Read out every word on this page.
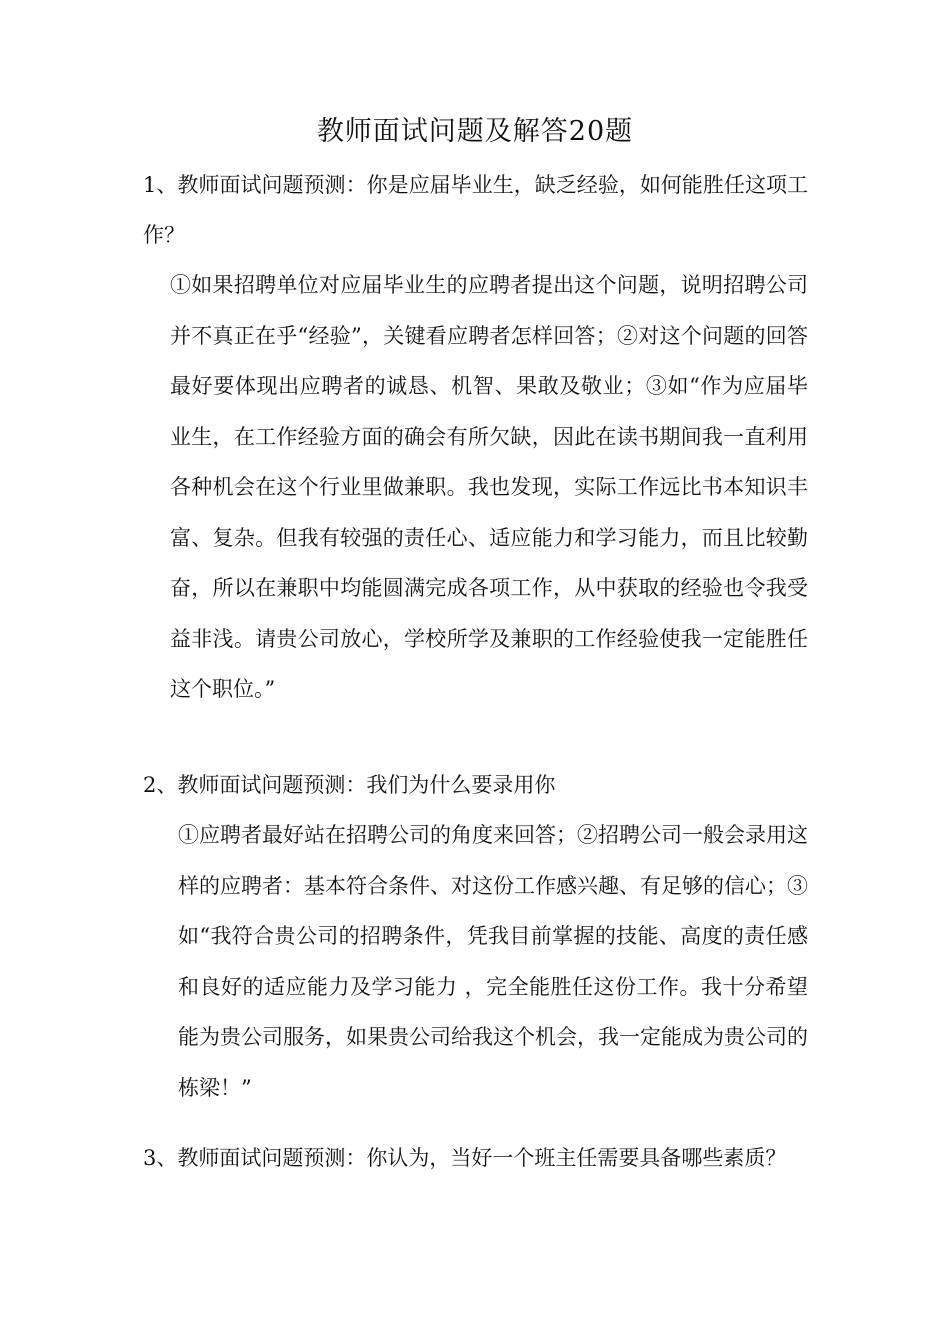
教师面试问题及解答20题
1、教师面试问题预测：你是应届毕业生，缺乏经验，如何能胜任这项工作？
①如果招聘单位对应届毕业生的应聘者提出这个问题，说明招聘公司并不真正在乎“经验”，关键看应聘者怎样回答；②对这个问题的回答最好要体现出应聘者的诚恳、机智、果敢及敬业；③如“作为应届毕业生，在工作经验方面的确会有所欠缺，因此在读书期间我一直利用各种机会在这个行业里做兼职。我也发现，实际工作远比书本知识丰富、复杂。但我有较强的责任心、适应能力和学习能力，而且比较勤奋，所以在兼职中均能圆满完成各项工作，从中获取的经验也令我受益非浅。请贵公司放心，学校所学及兼职的工作经验使我一定能胜任这个职位。”
2、教师面试问题预测：我们为什么要录用你
①应聘者最好站在招聘公司的角度来回答；②招聘公司一般会录用这样的应聘者：基本符合条件、对这份工作感兴趣、有足够的信心；③如“我符合贵公司的招聘条件，凭我目前掌握的技能、高度的责任感和良好的适应能力及学习能力 ，完全能胜任这份工作。我十分希望能为贵公司服务，如果贵公司给我这个机会，我一定能成为贵公司的栋梁！”
3、教师面试问题预测：你认为，当好一个班主任需要具备哪些素质？
